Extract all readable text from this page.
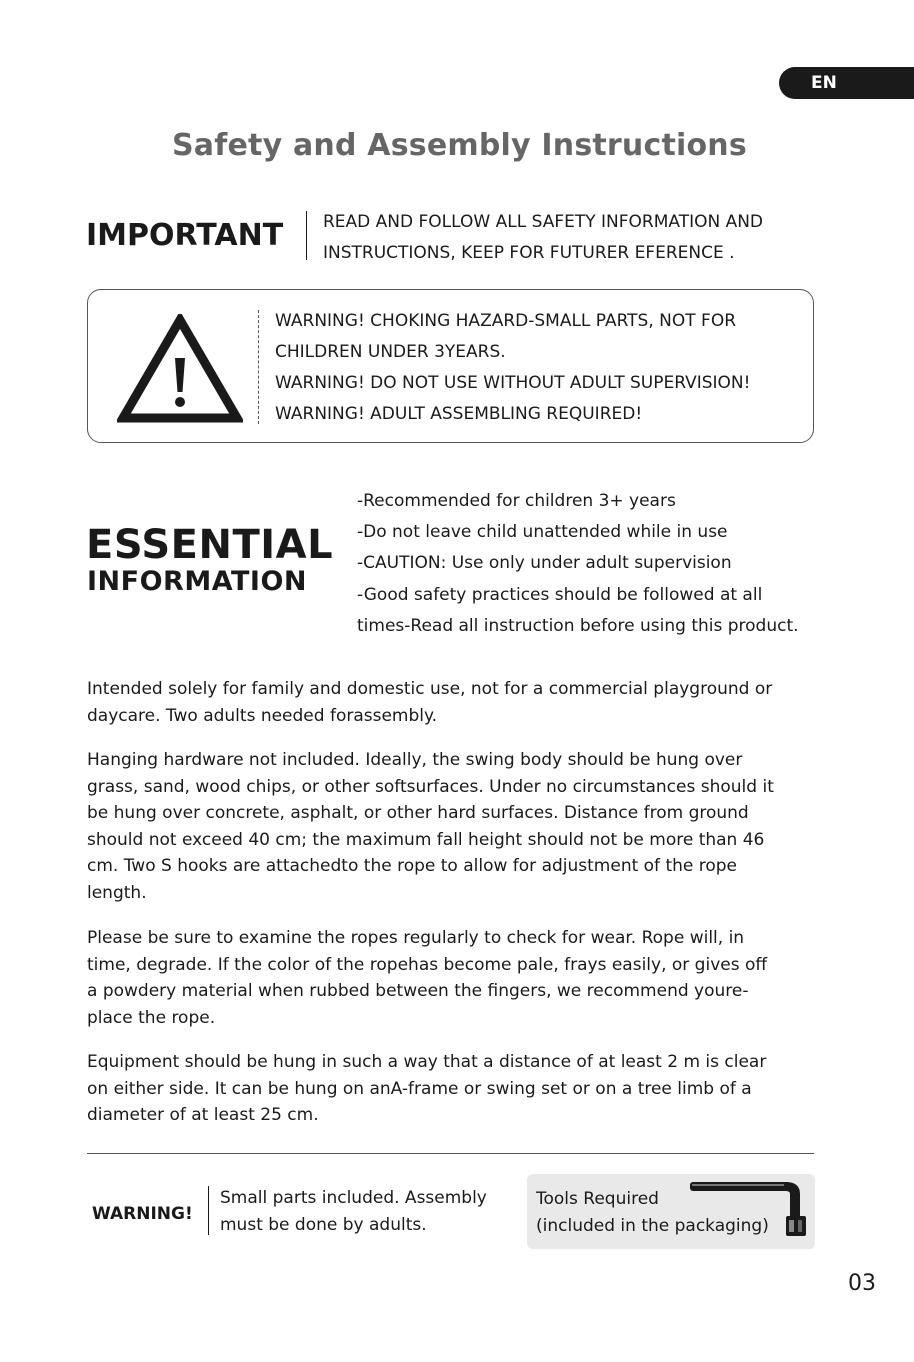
EN
Safety and Assembly Instructions
IMPORTANT READ AND FOLLOW ALL SAFETY INFORMATION AND
INSTRUCTIONS, KEEP FOR FUTURER EFERENCE .
WARNING! CHOKING HAZARD-SMALL PARTS, NOT FOR
CHILDREN UNDER 3YEARS.
WARNING! DO NOT USE WITHOUT ADULT SUPERVISION!
WARNING! ADULT ASSEMBLING REQUIRED!
ESSENTIAL
INFORMATION
-Recommended for children 3+ years
-Do not leave child unattended while in use
-CAUTION: Use only under adult supervision
-Good safety practices should be followed at all
times-Read all instruction before using this product.

Intended solely for family and domestic use, not for a commercial playground or
daycare. Two adults needed forassembly.

Hanging hardware not included. Ideally, the swing body should be hung over
grass, sand, wood chips, or other softsurfaces. Under no circumstances should it
be hung over concrete, asphalt, or other hard surfaces. Distance from ground
should not exceed 40 cm; the maximum fall height should not be more than 46
cm. Two S hooks are attachedto the rope to allow for adjustment of the rope
length.

Please be sure to examine the ropes regularly to check for wear. Rope will, in
time, degrade. If the color of the ropehas become pale, frays easily, or gives off
a powdery material when rubbed between the fingers, we recommend youre-
place the rope.

Equipment should be hung in such a way that a distance of at least 2 m is clear
on either side. It can be hung on anA-frame or swing set or on a tree limb of a
diameter of at least 25 cm.

WARNING!
Small parts included. Assembly
must be done by adults.
Tools Required
(included in the packaging)
03
